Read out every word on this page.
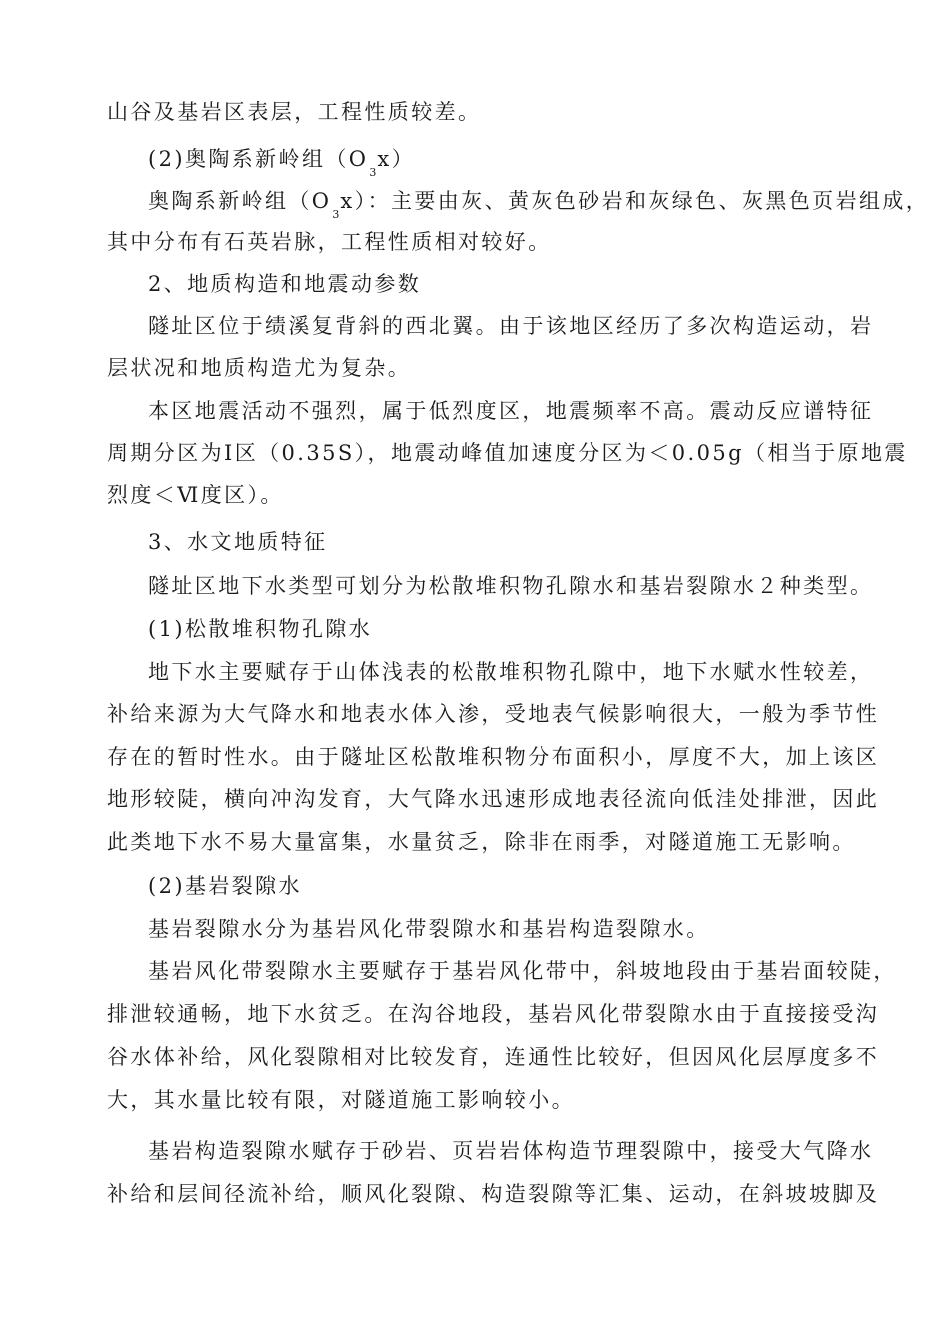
山谷及基岩区表层，工程性质较差。
(2)奥陶系新岭组$(O_3x)$
奥陶系新岭组$(O_3x)$：主要由灰、黄灰色砂岩和灰绿色、灰黑色页岩组成，
其中分布有石英岩脉，工程性质相对较好。
2、地质构造和地震动参数
隧址区位于绩溪复背斜的西北翼。由于该地区经历了多次构造运动，岩
层状况和地质构造尤为复杂。
本区地震活动不强烈，属于低烈度区，地震频率不高。震动反应谱特征
周期分区为Ⅰ区（0.35S），地震动峰值加速度分区为＜0.05g（相当于原地震
烈度＜Ⅵ度区）。
3、水文地质特征
隧址区地下水类型可划分为松散堆积物孔隙水和基岩裂隙水２种类型。
(1)松散堆积物孔隙水
地下水主要赋存于山体浅表的松散堆积物孔隙中，地下水赋水性较差，
补给来源为大气降水和地表水体入渗，受地表气候影响很大，一般为季节性
存在的暂时性水。由于隧址区松散堆积物分布面积小，厚度不大，加上该区
地形较陡，横向冲沟发育，大气降水迅速形成地表径流向低洼处排泄，因此
此类地下水不易大量富集，水量贫乏，除非在雨季，对隧道施工无影响。
(2)基岩裂隙水
基岩裂隙水分为基岩风化带裂隙水和基岩构造裂隙水。
基岩风化带裂隙水主要赋存于基岩风化带中，斜坡地段由于基岩面较陡，
排泄较通畅，地下水贫乏。在沟谷地段，基岩风化带裂隙水由于直接接受沟
谷水体补给，风化裂隙相对比较发育，连通性比较好，但因风化层厚度多不
大，其水量比较有限，对隧道施工影响较小。
基岩构造裂隙水赋存于砂岩、页岩岩体构造节理裂隙中，接受大气降水
补给和层间径流补给，顺风化裂隙、构造裂隙等汇集、运动，在斜坡坡脚及
